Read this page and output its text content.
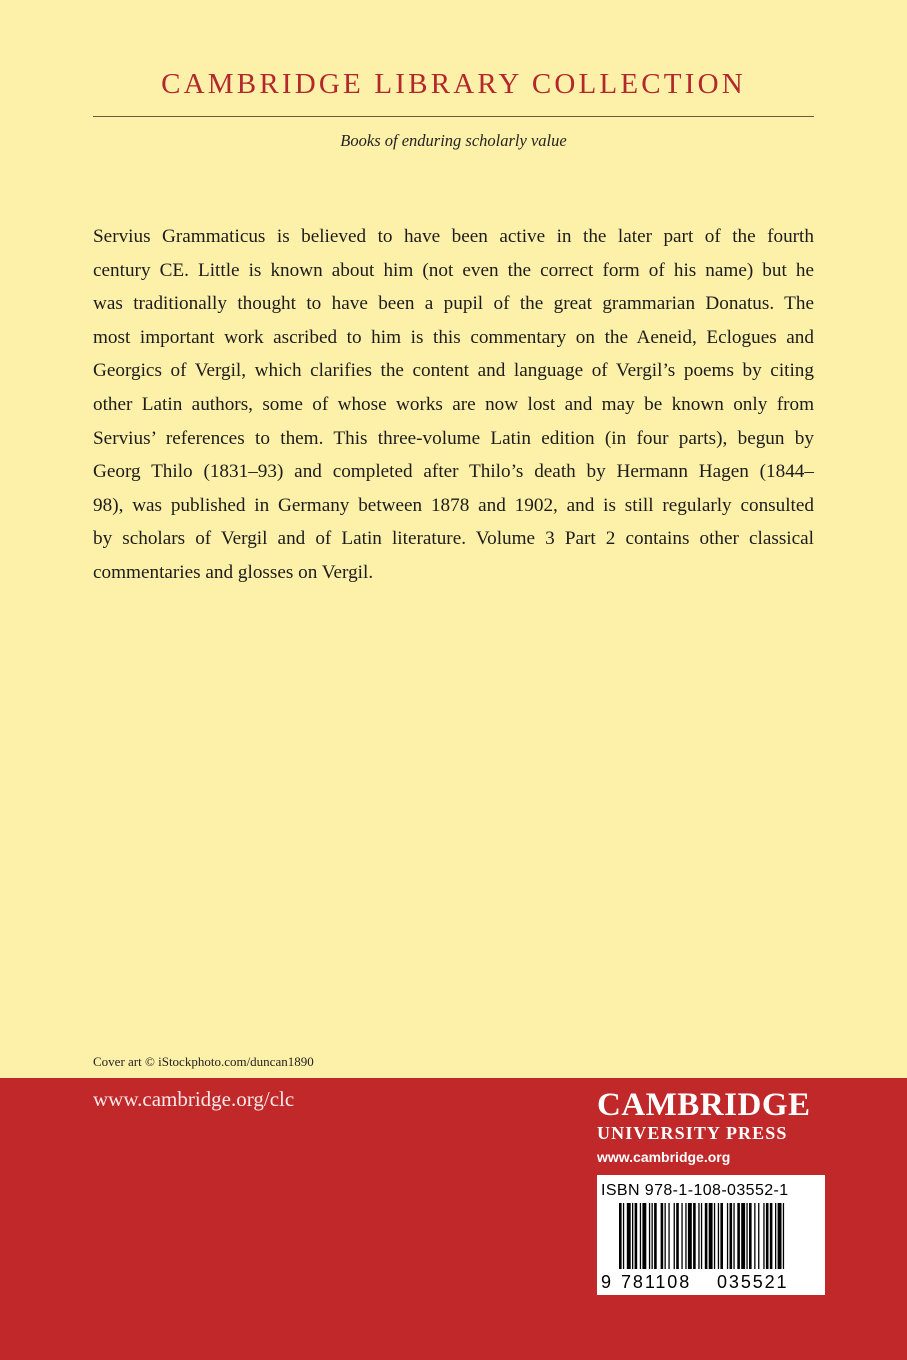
CAMBRIDGE LIBRARY COLLECTION
Books of enduring scholarly value
Servius Grammaticus is believed to have been active in the later part of the fourth
century CE. Little is known about him (not even the correct form of his name) but he
was traditionally thought to have been a pupil of the great grammarian Donatus. The
most important work ascribed to him is this commentary on the Aeneid, Eclogues and
Georgics of Vergil, which clarifies the content and language of Vergil’s poems by citing
other Latin authors, some of whose works are now lost and may be known only from
Servius’ references to them. This three-volume Latin edition (in four parts), begun by
Georg Thilo (1831–93) and completed after Thilo’s death by Hermann Hagen (1844–
98), was published in Germany between 1878 and 1902, and is still regularly consulted
by scholars of Vergil and of Latin literature. Volume 3 Part 2 contains other classical
commentaries and glosses on Vergil.
Cover art © iStockphoto.com/duncan1890
www.cambridge.org/clc	CAMBRIDGE
UNIVERSITY PRESS
www.cambridge.org
ISBN 978-1-108-03552-1
9 781108 035521
